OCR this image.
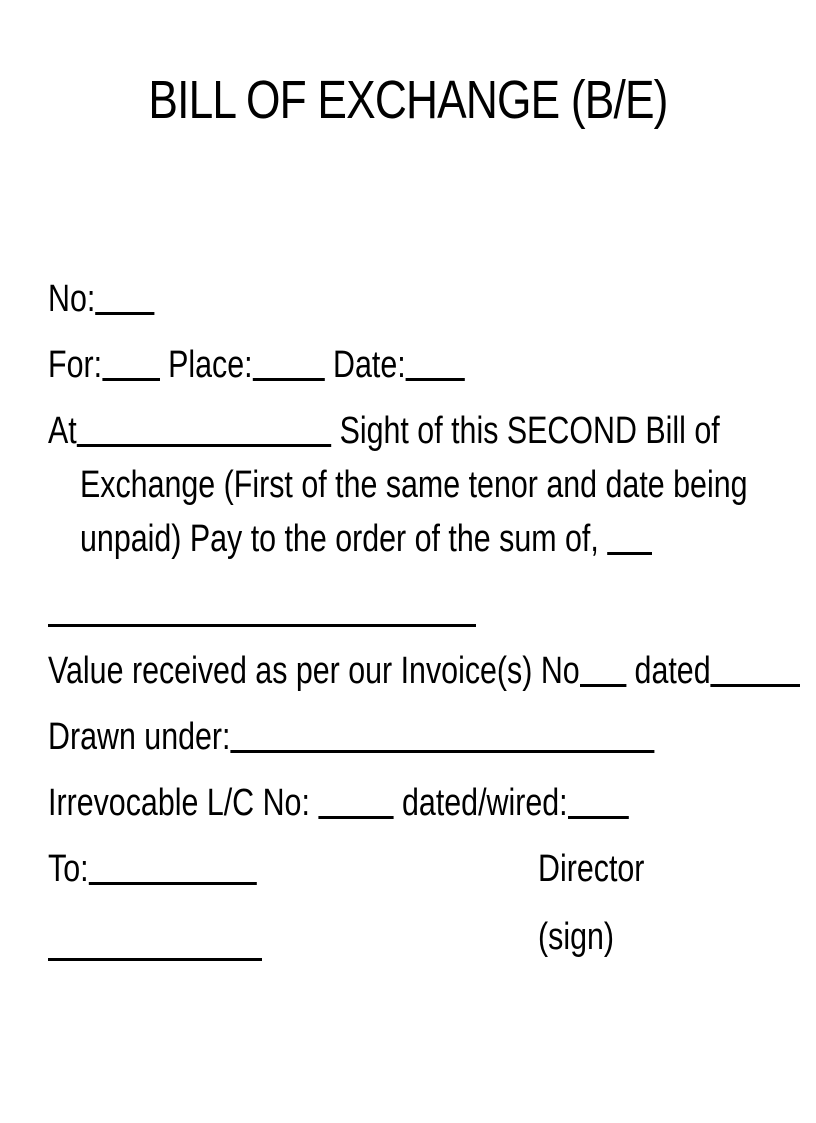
BILL OF EXCHANGE (B/E)
No:
For: Place: Date:
At	Sight of this SECOND Bill of
Exchange (First of the same tenor and date being
unpaid) Pay to the order of the sum of,
Value received as per our Invoice(s) No dated
Drawn under:
Irrevocable L/C No: dated/wired:
To:	Director
(sign)
